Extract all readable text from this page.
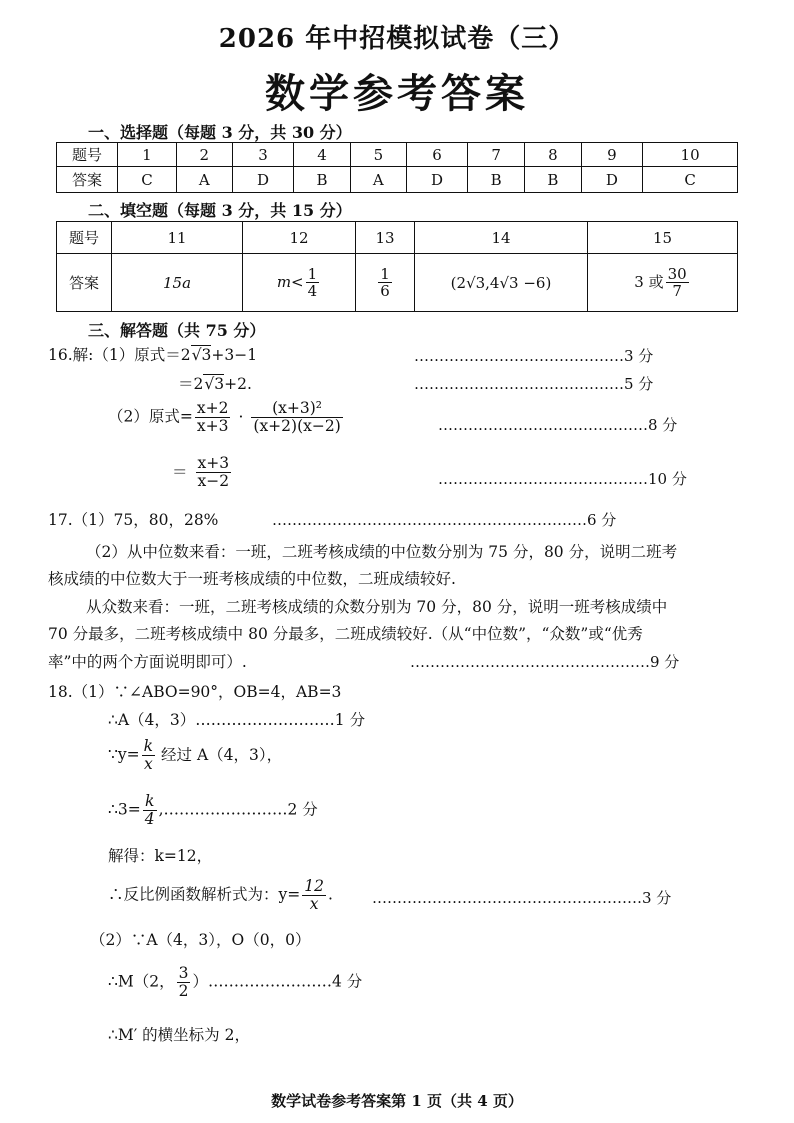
2026 年中招模拟试卷（三）
数学参考答案
一、选择题（每题 3 分，共 30 分）
题号	1	2	3	4	5	6	7	8	9	10
答案	C	A	D	B	A	D	B	B	D	C
二、填空题（每题 3 分，共 15 分）
题号	11	12	13	14	15
答案	15a	$m< \frac{1}{4}$	$\frac{1}{6}$	(2√3,4√3 −6)	3 或 $\frac{30}{7}$
三、解答题（共 75 分）
16.解:（1）原式＝2√3+3−1	……………………………………3 分
＝2√3+2.	……………………………………5 分
（2）原式= $\frac{x+2}{x+3} \cdot \frac{\text{(x+3)²}}{(x+2)(x-2)}$	……………………………………8 分
＝ $\frac{x+3}{x-2}$	……………………………………10 分
17.（1）75，80，28%	………………………………………………………6 分
（2）从中位数来看：一班，二班考核成绩的中位数分别为 75 分，80 分，说明二班考
核成绩的中位数大于一班考核成绩的中位数，二班成绩较好.
从众数来看：一班，二班考核成绩的众数分别为 70 分，80 分，说明一班考核成绩中
70 分最多，二班考核成绩中 80 分最多，二班成绩较好.（从“中位数”，“众数”或“优秀
率”中的两个方面说明即可）.	…………………………………………9 分
18.（1）∵∠ABO=90°，OB=4，AB=3
∴A（4，3）………………………1 分
∵y= $\frac{k}{x}$ 经过 A（4，3），
∴3= $\frac{k}{4}$ ,……………………2 分
解得：k=12，
∴反比例函数解析式为：$y= \frac{12}{x}$ .	………………………………………………3 分
（2）∵A（4，3），O（0，0）
∴M（2， $\frac{3}{2}$ ）……………………4 分
∴M′ 的横坐标为 2，
数学试卷参考答案第 1 页（共 4 页）
